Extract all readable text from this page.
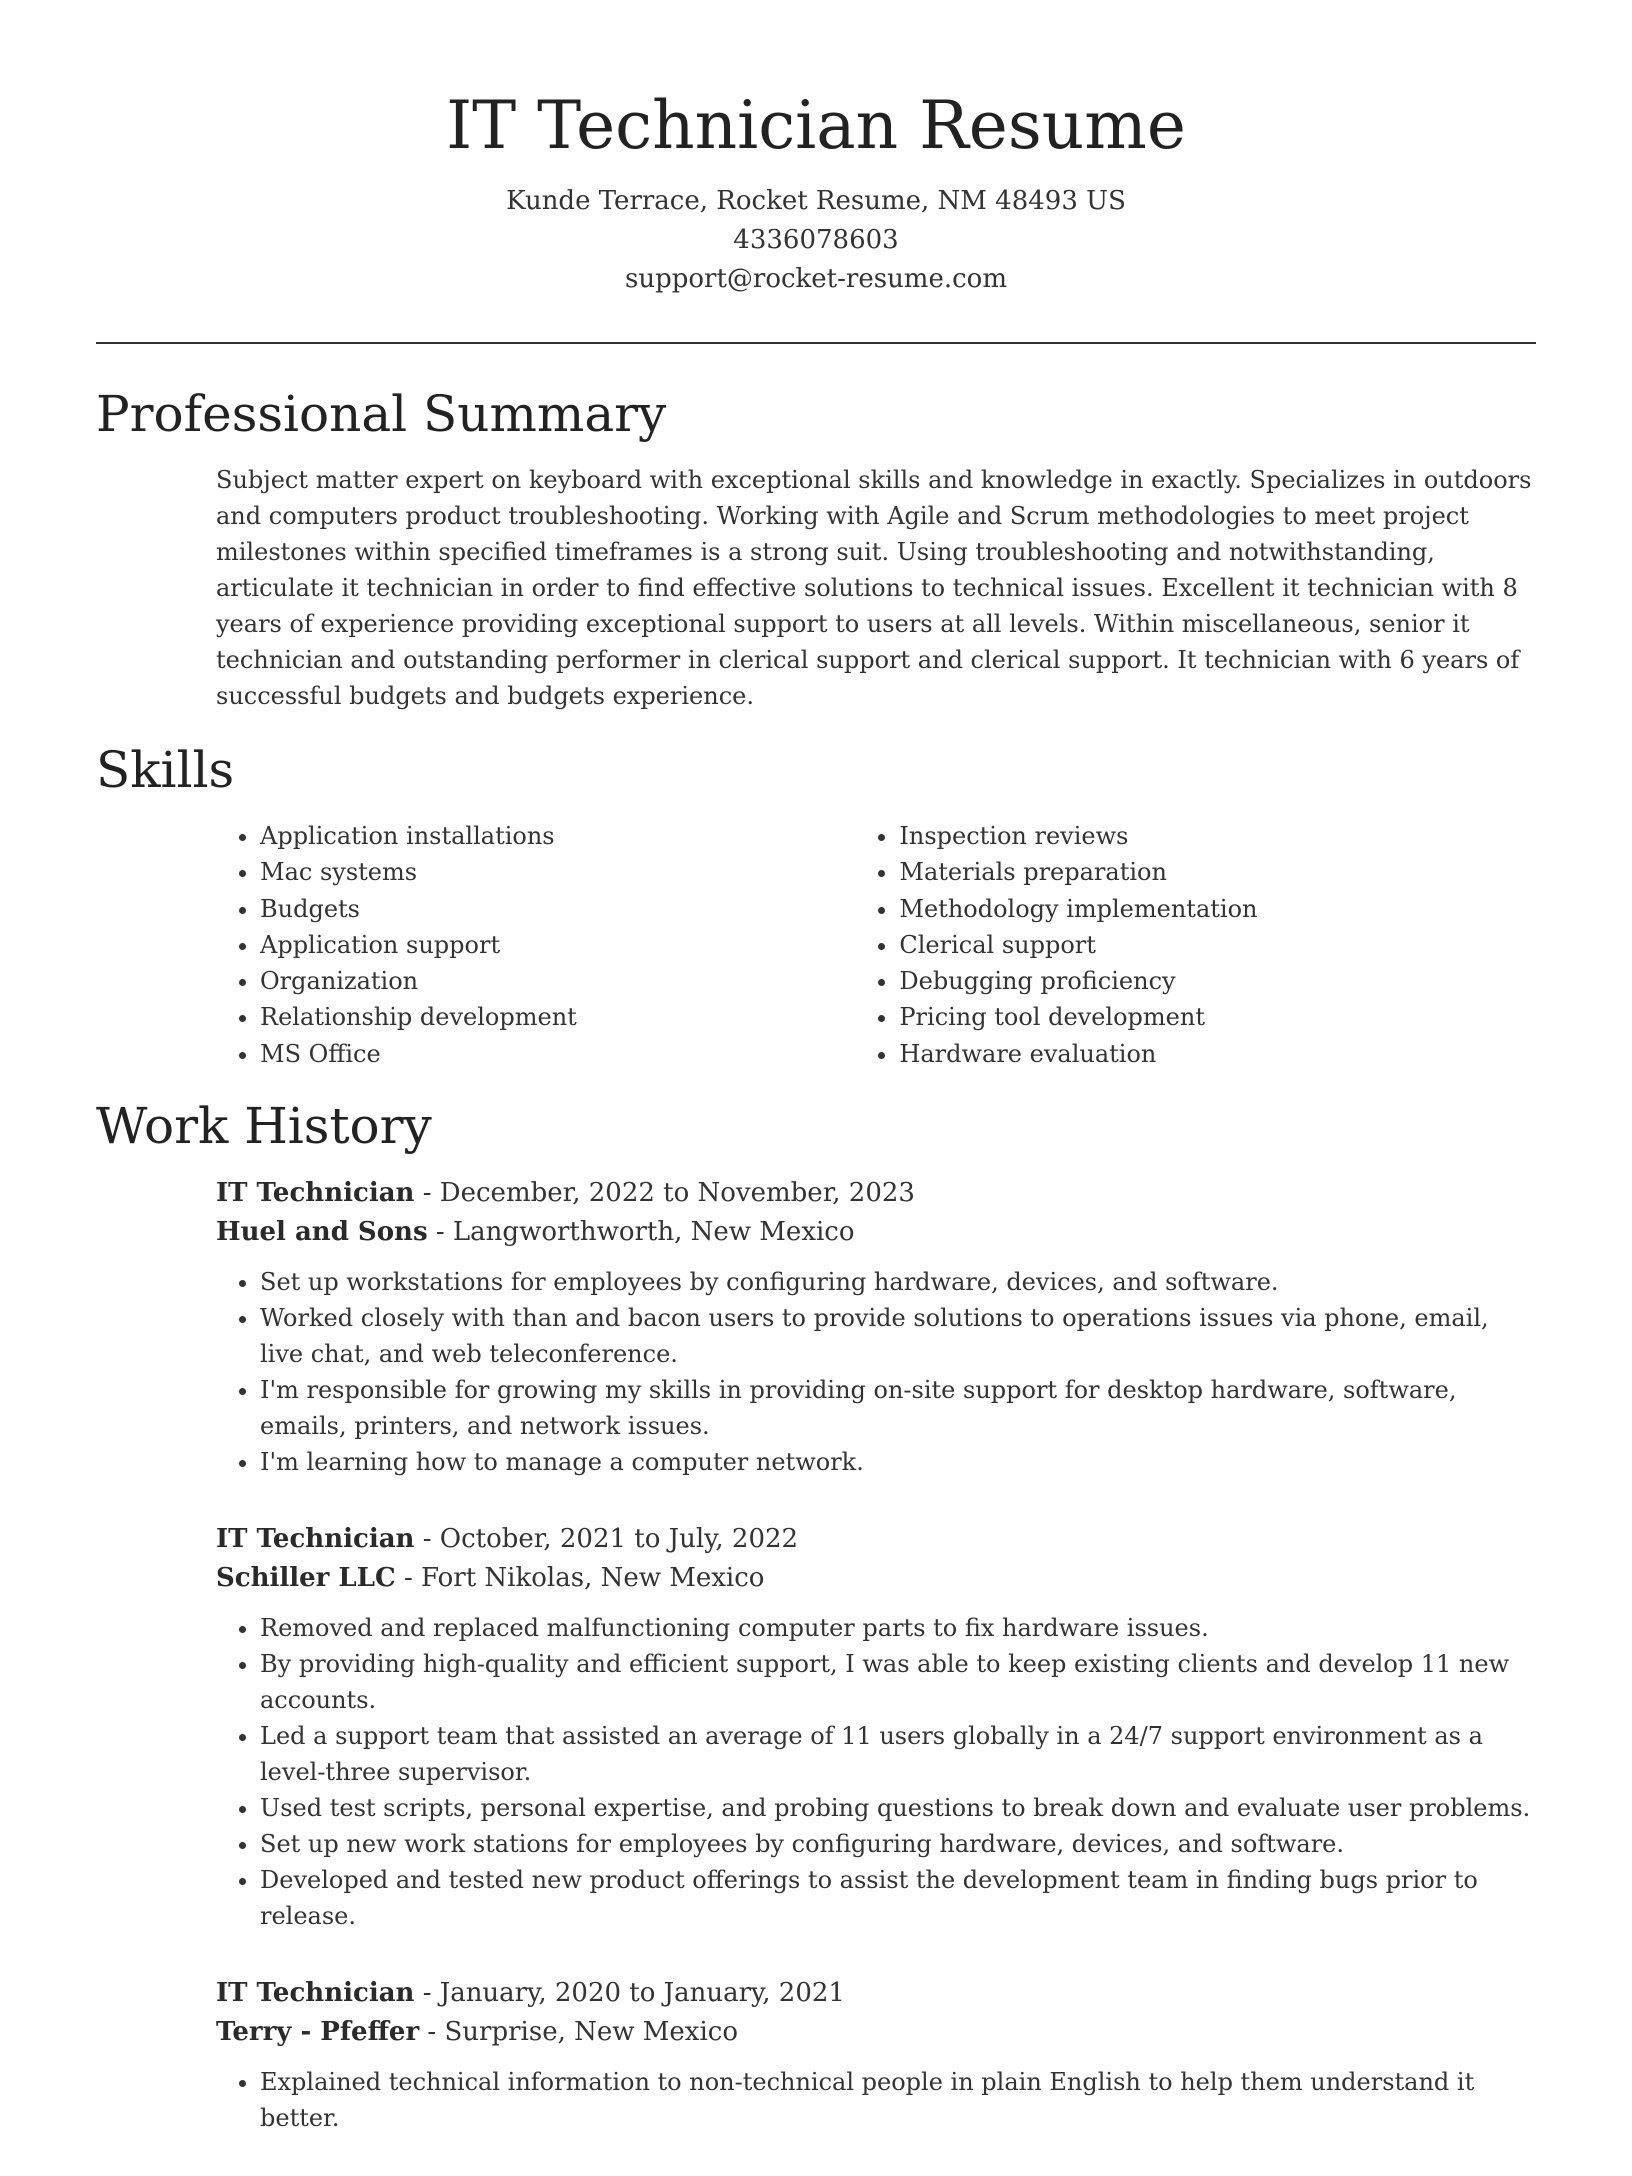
IT Technician Resume
Kunde Terrace, Rocket Resume, NM 48493 US
4336078603
support@rocket-resume.com
Professional Summary

Subject matter expert on keyboard with exceptional skills and knowledge in exactly. Specializes in outdoors and computers product troubleshooting. Working with Agile and Scrum methodologies to meet project milestones within specified timeframes is a strong suit. Using troubleshooting and notwithstanding, articulate it technician in order to find effective solutions to technical issues. Excellent it technician with 8 years of experience providing exceptional support to users at all levels. Within miscellaneous, senior it technician and outstanding performer in clerical support and clerical support. It technician with 6 years of successful budgets and budgets experience.

Skills
• Application installations
• Mac systems
• Budgets
• Application support
• Organization
• Relationship development
• MS Office
• Inspection reviews
• Materials preparation
• Methodology implementation
• Clerical support
• Debugging proficiency
• Pricing tool development
• Hardware evaluation
Work History
IT Technician - December, 2022 to November, 2023
Huel and Sons - Langworthworth, New Mexico
• Set up workstations for employees by configuring hardware, devices, and software.
• Worked closely with than and bacon users to provide solutions to operations issues via phone, email, live chat, and web teleconference.
• I'm responsible for growing my skills in providing on-site support for desktop hardware, software, emails, printers, and network issues.
• I'm learning how to manage a computer network.
IT Technician - October, 2021 to July, 2022
Schiller LLC - Fort Nikolas, New Mexico
• Removed and replaced malfunctioning computer parts to fix hardware issues.
• By providing high-quality and efficient support, I was able to keep existing clients and develop 11 new accounts.
• Led a support team that assisted an average of 11 users globally in a 24/7 support environment as a level-three supervisor.
• Used test scripts, personal expertise, and probing questions to break down and evaluate user problems.
• Set up new work stations for employees by configuring hardware, devices, and software.
• Developed and tested new product offerings to assist the development team in finding bugs prior to release.
IT Technician - January, 2020 to January, 2021
Terry - Pfeffer - Surprise, New Mexico
• Explained technical information to non-technical people in plain English to help them understand it better.
